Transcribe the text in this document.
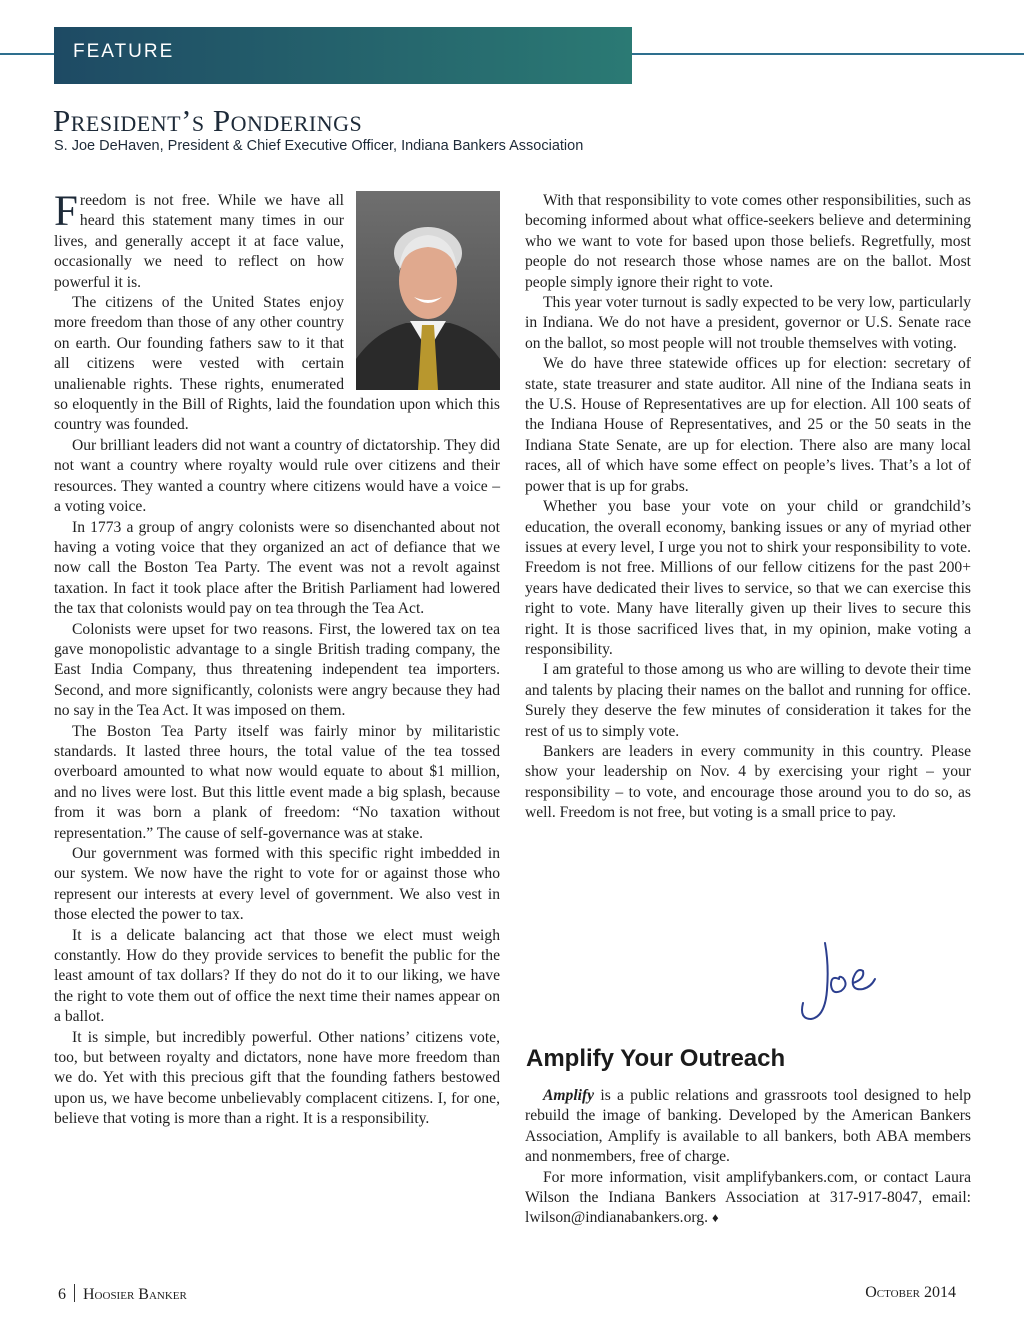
FEATURE
President’s Ponderings
S. Joe DeHaven, President & Chief Executive Officer, Indiana Bankers Association

Freedom is not free. While we have all heard this statement many times in our lives, and generally accept it at face value, occasionally we need to reflect on how powerful it is.

The citizens of the United States enjoy more freedom than those of any other country on earth. Our founding fathers saw to it that all citizens were vested with certain unalienable rights. These rights, enumerated so eloquently in the Bill of Rights, laid the foundation upon which this country was founded.

Our brilliant leaders did not want a country of dictatorship. They did not want a country where royalty would rule over citizens and their resources. They wanted a country where citizens would have a voice – a voting voice.

In 1773 a group of angry colonists were so disenchanted about not having a voting voice that they organized an act of defiance that we now call the Boston Tea Party. The event was not a revolt against taxation. In fact it took place after the British Parliament had lowered the tax that colonists would pay on tea through the Tea Act.

Colonists were upset for two reasons. First, the lowered tax on tea gave monopolistic advantage to a single British trading company, the East India Company, thus threatening independent tea importers. Second, and more significantly, colonists were angry because they had no say in the Tea Act. It was imposed on them.

The Boston Tea Party itself was fairly minor by militaristic standards. It lasted three hours, the total value of the tea tossed overboard amounted to what now would equate to about $1 million, and no lives were lost. But this little event made a big splash, because from it was born a plank of freedom: “No taxation without representation.” The cause of self-governance was at stake.

Our government was formed with this specific right imbedded in our system. We now have the right to vote for or against those who represent our interests at every level of government. We also vest in those elected the power to tax.

It is a delicate balancing act that those we elect must weigh constantly. How do they provide services to benefit the public for the least amount of tax dollars? If they do not do it to our liking, we have the right to vote them out of office the next time their names appear on a ballot.

It is simple, but incredibly powerful. Other nations’ citizens vote, too, but between royalty and dictators, none have more freedom than we do. Yet with this precious gift that the founding fathers bestowed upon us, we have become unbelievably complacent citizens. I, for one, believe that voting is more than a right. It is a responsibility.

With that responsibility to vote comes other responsibilities, such as becoming informed about what office-seekers believe and determining who we want to vote for based upon those beliefs. Regretfully, most people do not research those whose names are on the ballot. Most people simply ignore their right to vote.

This year voter turnout is sadly expected to be very low, particularly in Indiana. We do not have a president, governor or U.S. Senate race on the ballot, so most people will not trouble themselves with voting.

We do have three statewide offices up for election: secretary of state, state treasurer and state auditor. All nine of the Indiana seats in the U.S. House of Representatives are up for election. All 100 seats of the Indiana House of Representatives, and 25 or the 50 seats in the Indiana State Senate, are up for election. There also are many local races, all of which have some effect on people’s lives. That’s a lot of power that is up for grabs.

Whether you base your vote on your child or grandchild’s education, the overall economy, banking issues or any of myriad other issues at every level, I urge you not to shirk your responsibility to vote. Freedom is not free. Millions of our fellow citizens for the past 200+ years have dedicated their lives to service, so that we can exercise this right to vote. Many have literally given up their lives to secure this right. It is those sacrificed lives that, in my opinion, make voting a responsibility.

I am grateful to those among us who are willing to devote their time and talents by placing their names on the ballot and running for office. Surely they deserve the few minutes of consideration it takes for the rest of us to simply vote.

Bankers are leaders in every community in this country. Please show your leadership on Nov. 4 by exercising your right – your responsibility – to vote, and encourage those around you to do so, as well. Freedom is not free, but voting is a small price to pay.

Amplify Your Outreach

Amplify is a public relations and grassroots tool designed to help rebuild the image of banking. Developed by the American Bankers Association, Amplify is available to all bankers, both ABA members and nonmembers, free of charge.

For more information, visit amplifybankers.com, or contact Laura Wilson the Indiana Bankers Association at 317-917-8047, email: lwilson@indianabankers.org. ♦

6 Hoosier Banker	October 2014
